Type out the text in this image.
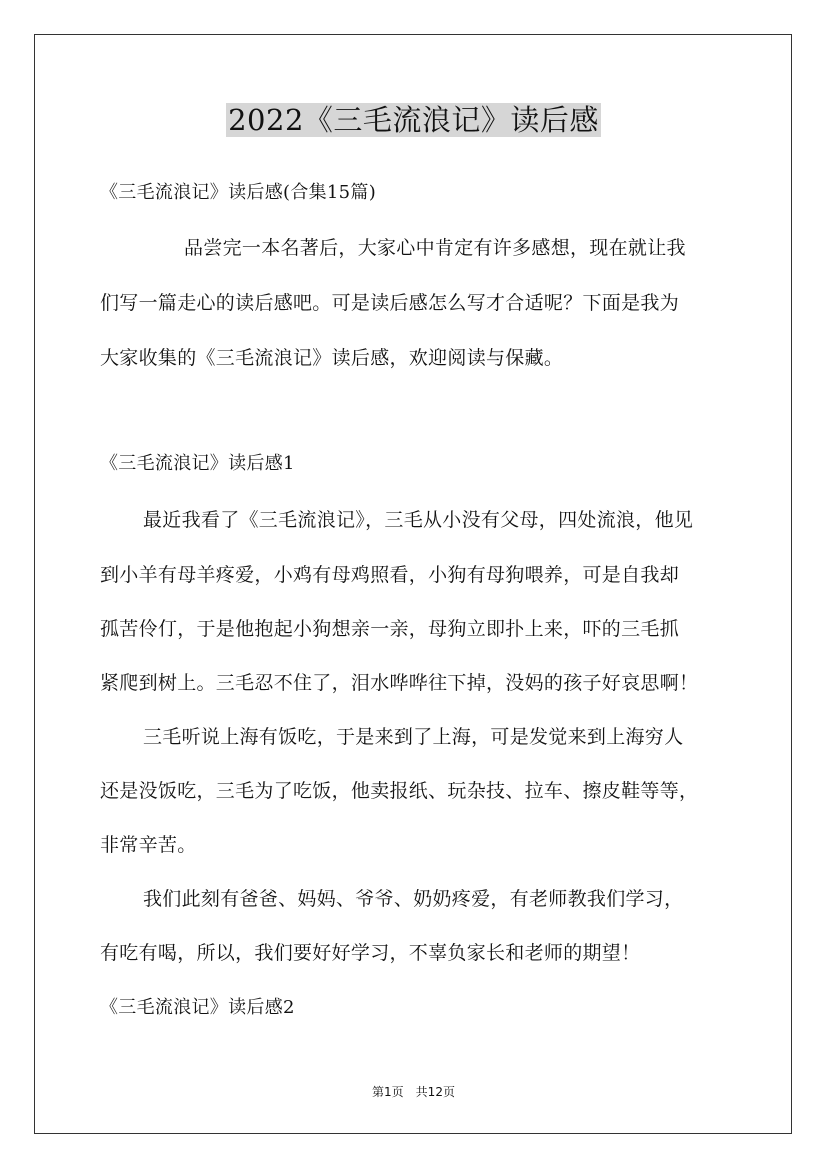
2022《三毛流浪记》读后感
《三毛流浪记》读后感(合集15篇)
品尝完一本名著后，大家心中肯定有许多感想，现在就让我
们写一篇走心的读后感吧。可是读后感怎么写才合适呢？下面是我为
大家收集的《三毛流浪记》读后感，欢迎阅读与保藏。
《三毛流浪记》读后感1
最近我看了《三毛流浪记》，三毛从小没有父母，四处流浪，他见
到小羊有母羊疼爱，小鸡有母鸡照看，小狗有母狗喂养，可是自我却
孤苦伶仃，于是他抱起小狗想亲一亲，母狗立即扑上来，吓的三毛抓
紧爬到树上。三毛忍不住了，泪水哗哗往下掉，没妈的孩子好哀思啊！
三毛听说上海有饭吃，于是来到了上海，可是发觉来到上海穷人
还是没饭吃，三毛为了吃饭，他卖报纸、玩杂技、拉车、擦皮鞋等等，
非常辛苦。
我们此刻有爸爸、妈妈、爷爷、奶奶疼爱，有老师教我们学习，
有吃有喝，所以，我们要好好学习，不辜负家长和老师的期望！
《三毛流浪记》读后感2
第1页　共12页
